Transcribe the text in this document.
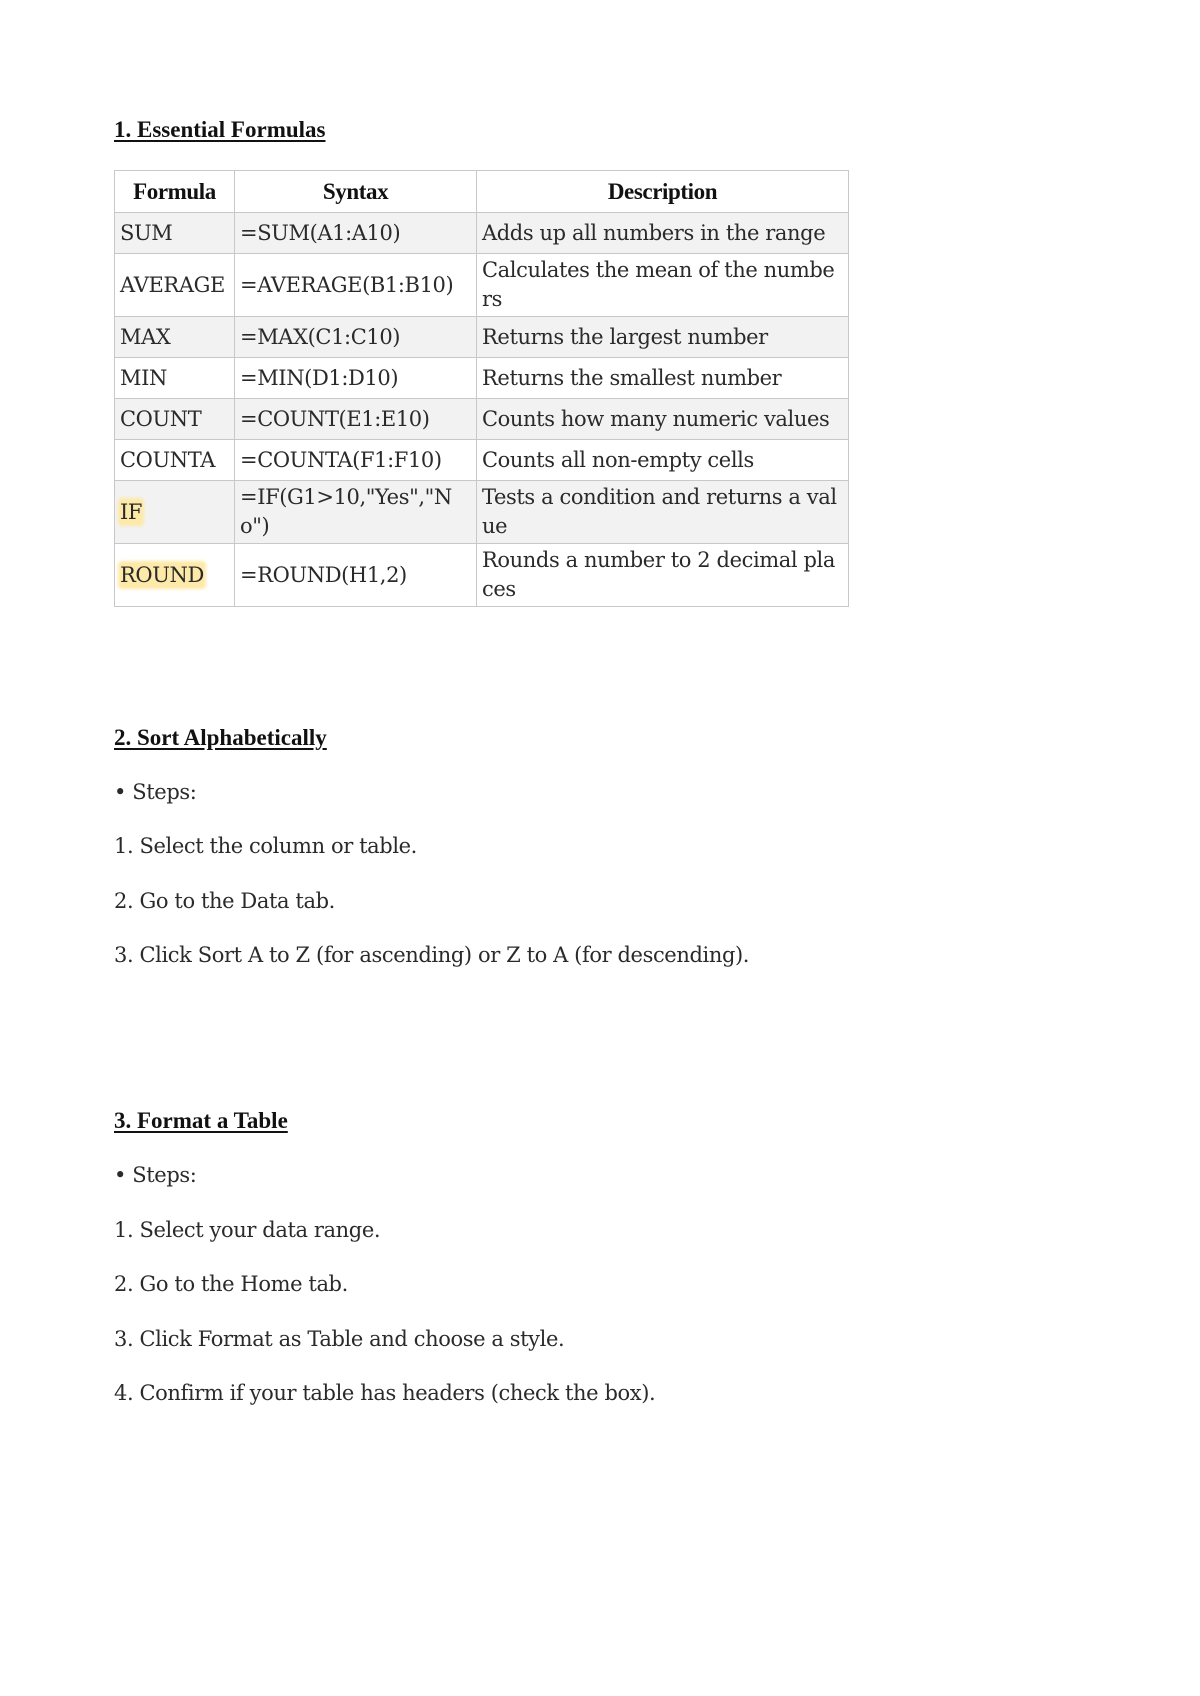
1. Essential Formulas
Formula	Syntax	Description
SUM	=SUM(A1:A10)	Adds up all numbers in the range
AVERAGE	=AVERAGE(B1:B10)	Calculates the mean of the numbers
MAX	=MAX(C1:C10)	Returns the largest number
MIN	=MIN(D1:D10)	Returns the smallest number
COUNT	=COUNT(E1:E10)	Counts how many numeric values
COUNTA	=COUNTA(F1:F10)	Counts all non-empty cells
IF	=IF(G1>10,"Yes","No")	Tests a condition and returns a value
ROUND	=ROUND(H1,2)	Rounds a number to 2 decimal places
2. Sort Alphabetically

• Steps:

1. Select the column or table.

2. Go to the Data tab.

3. Click Sort A to Z (for ascending) or Z to A (for descending).

3. Format a Table

• Steps:

1. Select your data range.

2. Go to the Home tab.

3. Click Format as Table and choose a style.

4. Confirm if your table has headers (check the box).
